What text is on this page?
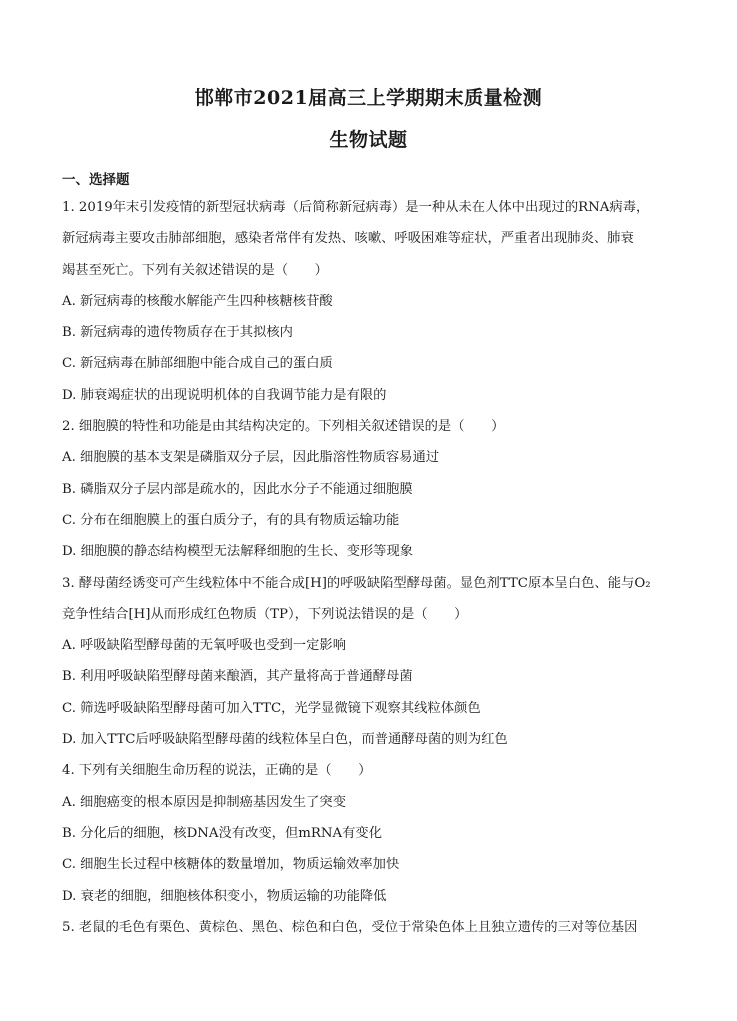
邯郸市2021届高三上学期期末质量检测
生物试题
一、选择题
1. 2019年末引发疫情的新型冠状病毒（后简称新冠病毒）是一种从未在人体中出现过的RNA病毒，
新冠病毒主要攻击肺部细胞，感染者常伴有发热、咳嗽、呼吸困难等症状，严重者出现肺炎、肺衰
竭甚至死亡。下列有关叙述错误的是（　　）
A. 新冠病毒的核酸水解能产生四种核糖核苷酸
B. 新冠病毒的遗传物质存在于其拟核内
C. 新冠病毒在肺部细胞中能合成自己的蛋白质
D. 肺衰竭症状的出现说明机体的自我调节能力是有限的
2. 细胞膜的特性和功能是由其结构决定的。下列相关叙述错误的是（　　）
A. 细胞膜的基本支架是磷脂双分子层，因此脂溶性物质容易通过
B. 磷脂双分子层内部是疏水的，因此水分子不能通过细胞膜
C. 分布在细胞膜上的蛋白质分子，有的具有物质运输功能
D. 细胞膜的静态结构模型无法解释细胞的生长、变形等现象
3. 酵母菌经诱变可产生线粒体中不能合成[H]的呼吸缺陷型酵母菌。显色剂TTC原本呈白色、能与O₂
竞争性结合[H]从而形成红色物质（TP），下列说法错误的是（　　）
A. 呼吸缺陷型酵母菌的无氧呼吸也受到一定影响
B. 利用呼吸缺陷型酵母菌来酿酒，其产量将高于普通酵母菌
C. 筛选呼吸缺陷型酵母菌可加入TTC，光学显微镜下观察其线粒体颜色
D. 加入TTC后呼吸缺陷型酵母菌的线粒体呈白色，而普通酵母菌的则为红色
4. 下列有关细胞生命历程的说法，正确的是（　　）
A. 细胞癌变的根本原因是抑制癌基因发生了突变
B. 分化后的细胞，核DNA没有改变，但mRNA有变化
C. 细胞生长过程中核糖体的数量增加，物质运输效率加快
D. 衰老的细胞，细胞核体积变小，物质运输的功能降低
5. 老鼠的毛色有栗色、黄棕色、黑色、棕色和白色，受位于常染色体上且独立遗传的三对等位基因
